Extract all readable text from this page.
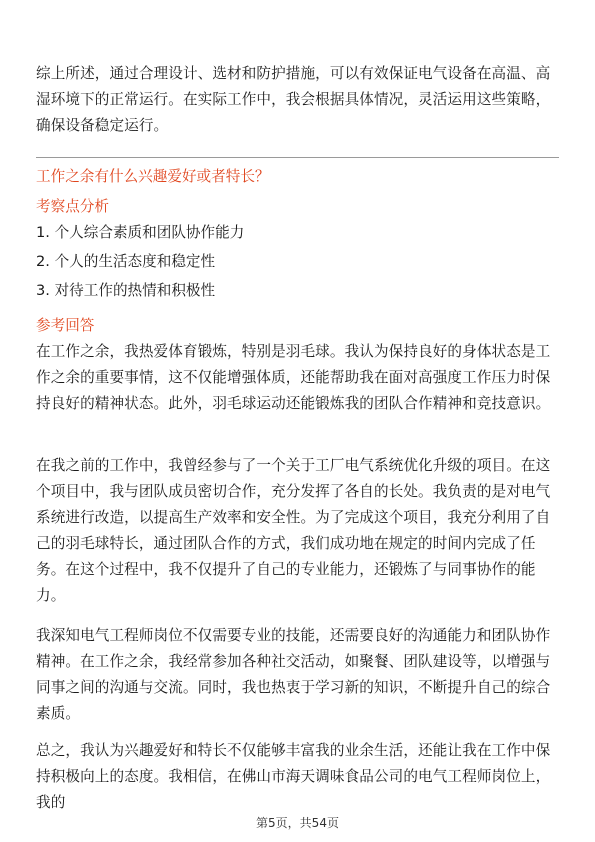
综上所述，通过合理设计、选材和防护措施，可以有效保证电气设备在高温、高湿环境下的正常运行。在实际工作中，我会根据具体情况，灵活运用这些策略，确保设备稳定运行。

工作之余有什么兴趣爱好或者特长？

考察点分析

1. 个人综合素质和团队协作能力

2. 个人的生活态度和稳定性

3. 对待工作的热情和积极性

参考回答

在工作之余，我热爱体育锻炼，特别是羽毛球。我认为保持良好的身体状态是工作之余的重要事情，这不仅能增强体质，还能帮助我在面对高强度工作压力时保持良好的精神状态。此外，羽毛球运动还能锻炼我的团队合作精神和竞技意识。

在我之前的工作中，我曾经参与了一个关于工厂电气系统优化升级的项目。在这个项目中，我与团队成员密切合作，充分发挥了各自的长处。我负责的是对电气系统进行改造，以提高生产效率和安全性。为了完成这个项目，我充分利用了自己的羽毛球特长，通过团队合作的方式，我们成功地在规定的时间内完成了任务。在这个过程中，我不仅提升了自己的专业能力，还锻炼了与同事协作的能力。

我深知电气工程师岗位不仅需要专业的技能，还需要良好的沟通能力和团队协作精神。在工作之余，我经常参加各种社交活动，如聚餐、团队建设等，以增强与同事之间的沟通与交流。同时，我也热衷于学习新的知识，不断提升自己的综合素质。

总之，我认为兴趣爱好和特长不仅能够丰富我的业余生活，还能让我在工作中保持积极向上的态度。我相信，在佛山市海天调味食品公司的电气工程师岗位上，我的

第5页，共54页
